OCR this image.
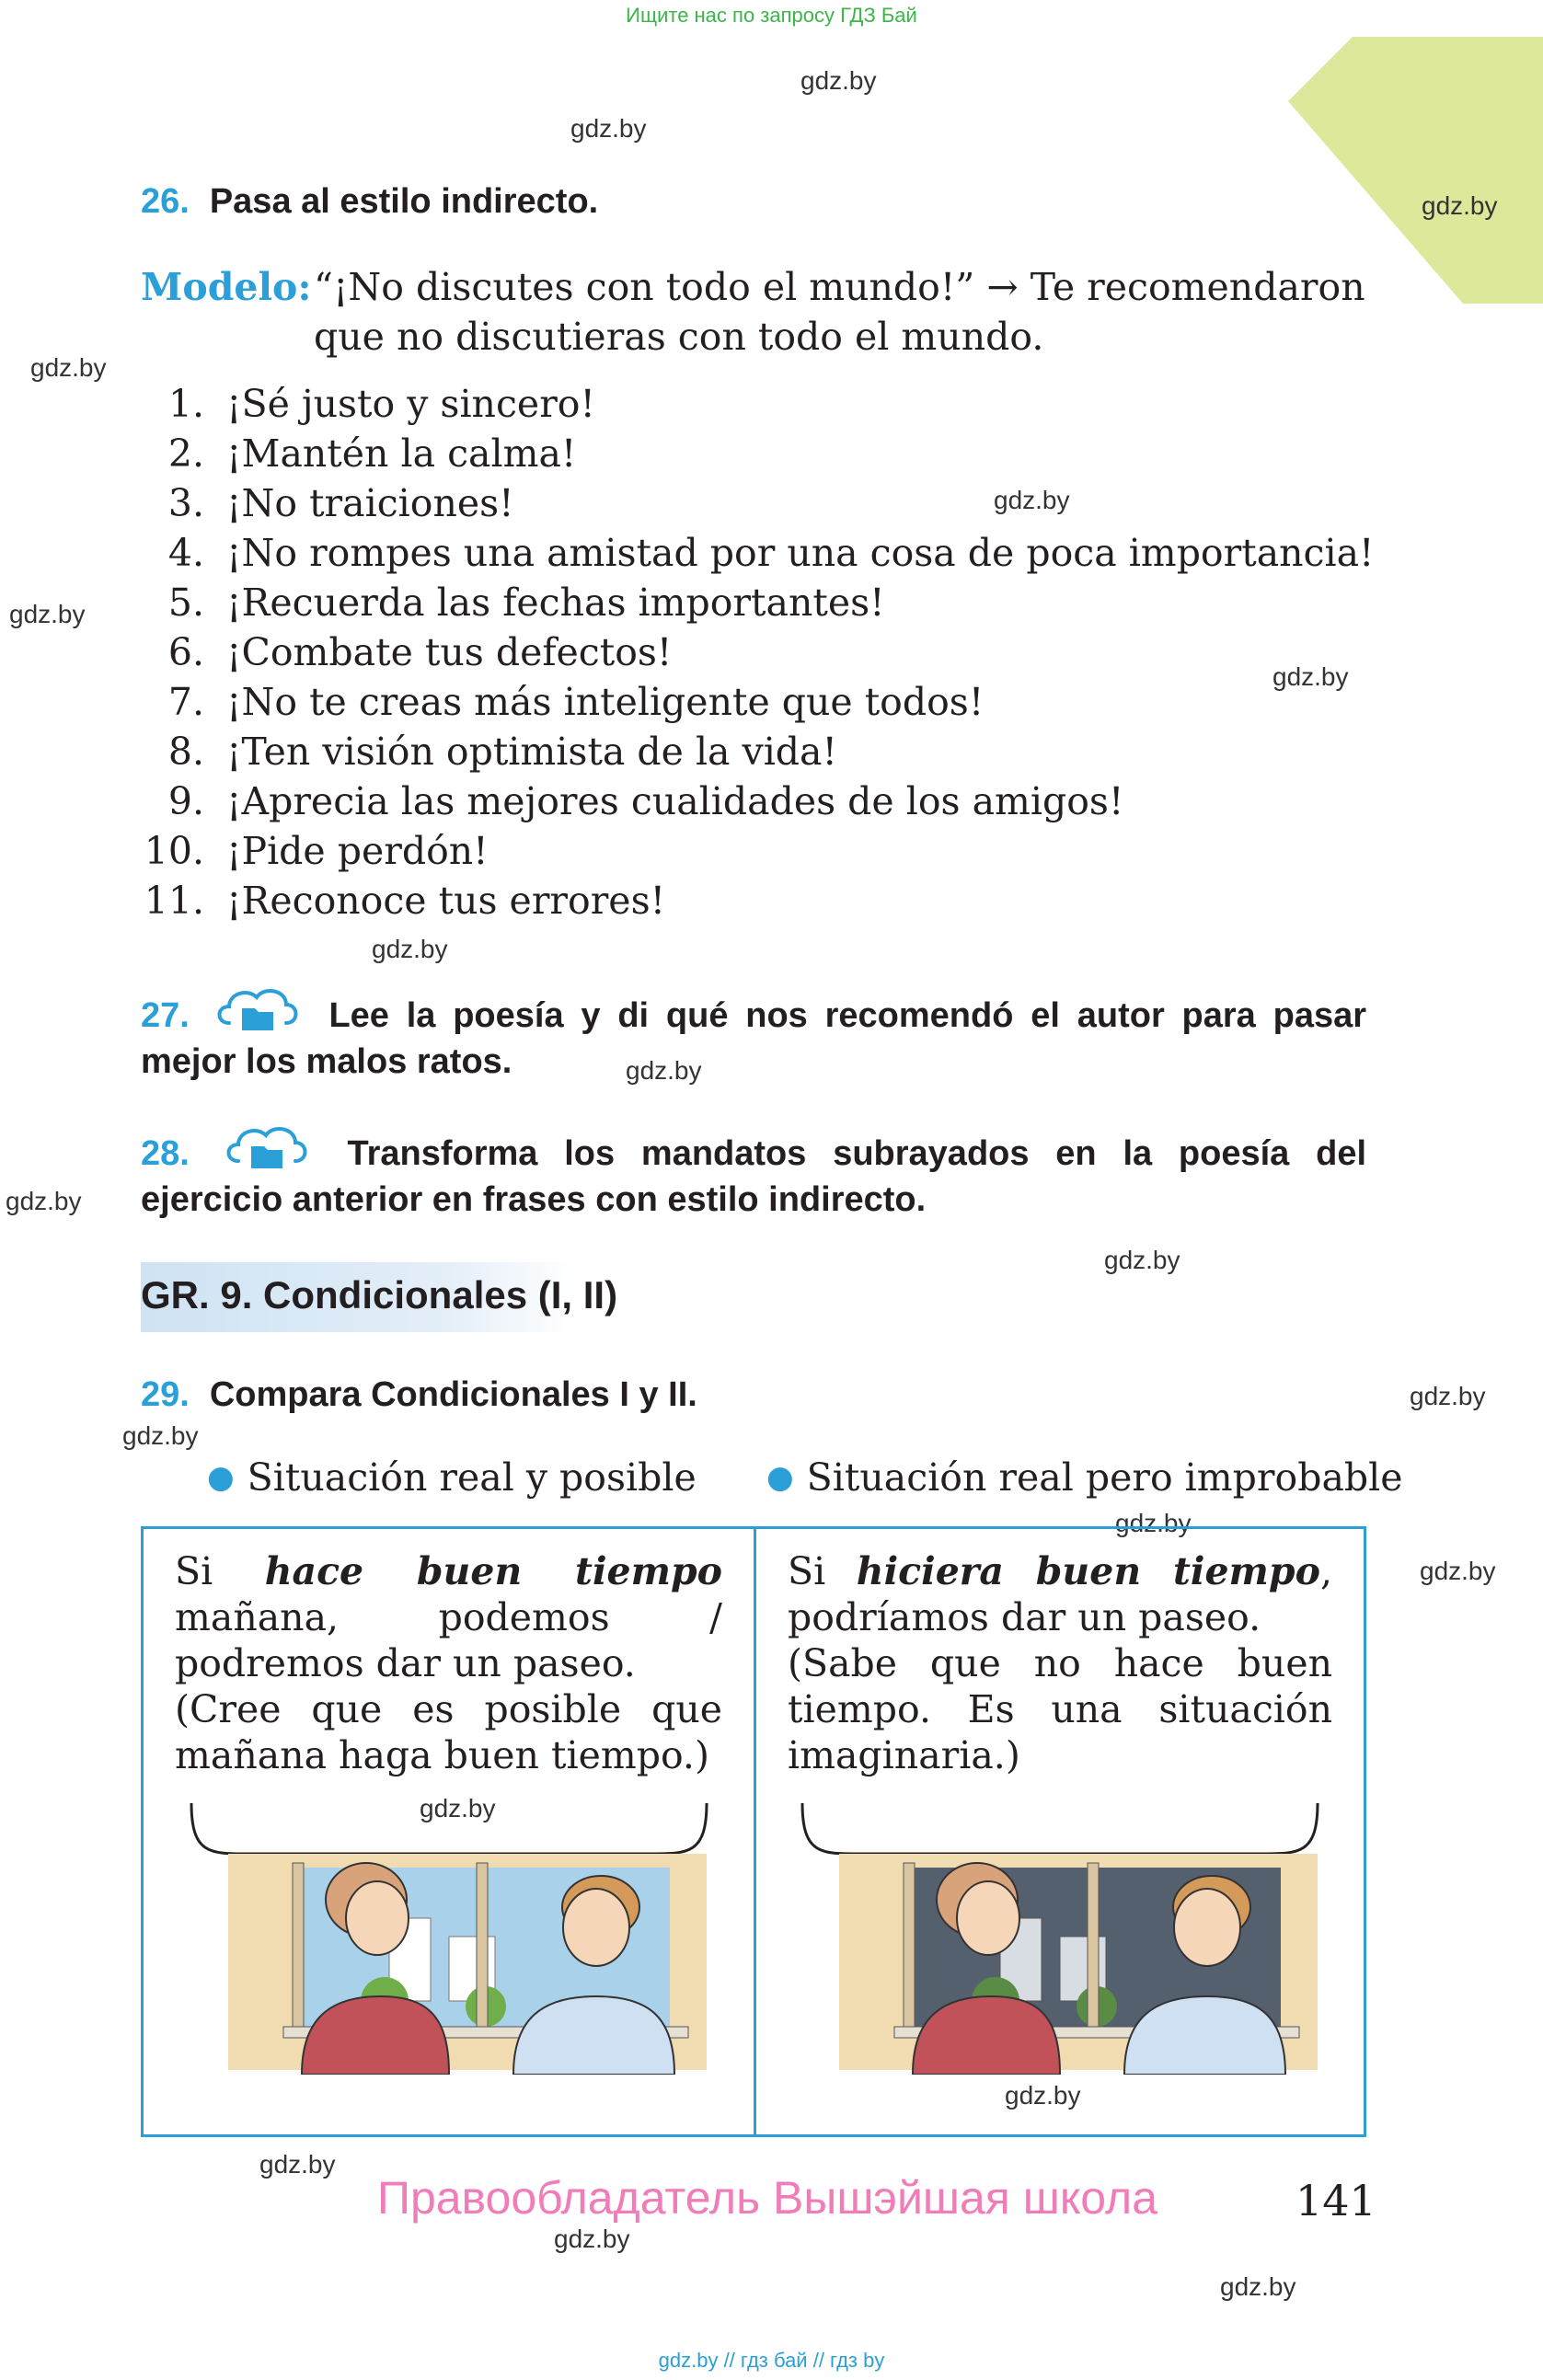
Ищите нас по запросу ГДЗ Бай
gdz.by
gdz.by
gdz.by
gdz.by
gdz.by
gdz.by
gdz.by
gdz.by
gdz.by
gdz.by
gdz.by
gdz.by
gdz.by
gdz.by
gdz.by
gdz.by
gdz.by
gdz.by
gdz.by
gdz.by
26. Pasa al estilo indirecto.
Modelo: “¡No discutes con todo el mundo!” → Te recomendaron que no discutieras con todo el mundo.
1. ¡Sé justo y sincero!
2. ¡Mantén la calma!
3. ¡No traiciones!
4. ¡No rompes una amistad por una cosa de poca importancia!
5. ¡Recuerda las fechas importantes!
6. ¡Combate tus defectos!
7. ¡No te creas más inteligente que todos!
8. ¡Ten visión optimista de la vida!
9. ¡Aprecia las mejores cualidades de los amigos!
10. ¡Pide perdón!
11. ¡Reconoce tus errores!
27.	Lee la poesía y di qué nos recomendó el autor para pasar mejor los malos ratos.
28.	Transforma los mandatos subrayados en la poesía del ejercicio anterior en frases con estilo indirecto.
GR. 9. Condicionales (I, II)
29. Compara Condicionales I y II.
● Situación real y posible ● Situación real pero improbable
Si hace buen tiempo mañana, podemos / podremos dar un paseo.
(Cree que es posible que mañana haga buen tiempo.)
Si hiciera buen tiempo, podríamos dar un paseo.
(Sabe que no hace buen tiempo. Es una situación imaginaria.)
Правообладатель Вышэйшая школа	141
gdz.by // гдз бай // гдз by
